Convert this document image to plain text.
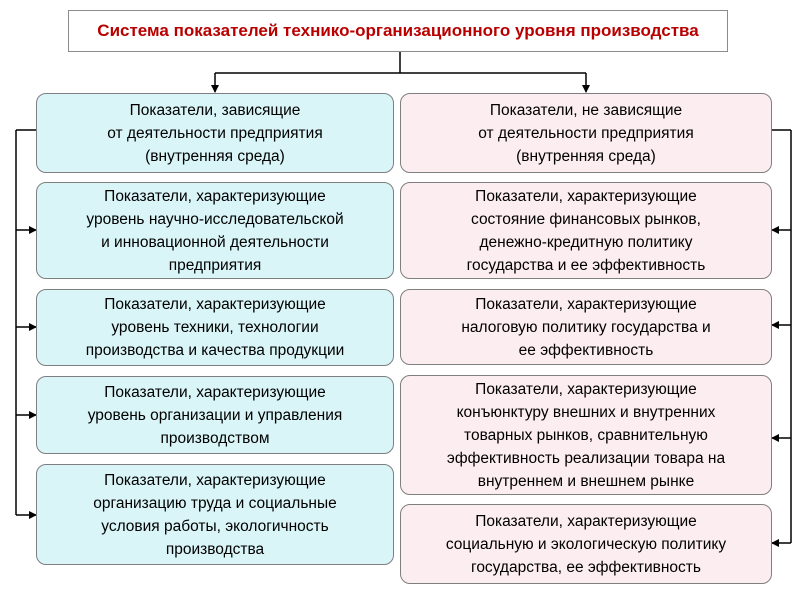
Система показателей технико-организационного уровня производства
Показатели, зависящие
от деятельности предприятия
(внутренняя среда)
Показатели, характеризующие
уровень научно-исследовательской
и инновационной деятельности
предприятия
Показатели, характеризующие
уровень техники, технологии
производства и качества продукции
Показатели, характеризующие
уровень организации и управления
производством
Показатели, характеризующие
организацию труда и социальные
условия работы, экологичность
производства
Показатели, не зависящие
от деятельности предприятия
(внутренняя среда)
Показатели, характеризующие
состояние финансовых рынков,
денежно-кредитную политику
государства и ее эффективность
Показатели, характеризующие
налоговую политику государства и
ее эффективность
Показатели, характеризующие
конъюнктуру внешних и внутренних
товарных рынков, сравнительную
эффективность реализации товара на
внутреннем и внешнем рынке
Показатели, характеризующие
социальную и экологическую политику
государства, ее эффективность
